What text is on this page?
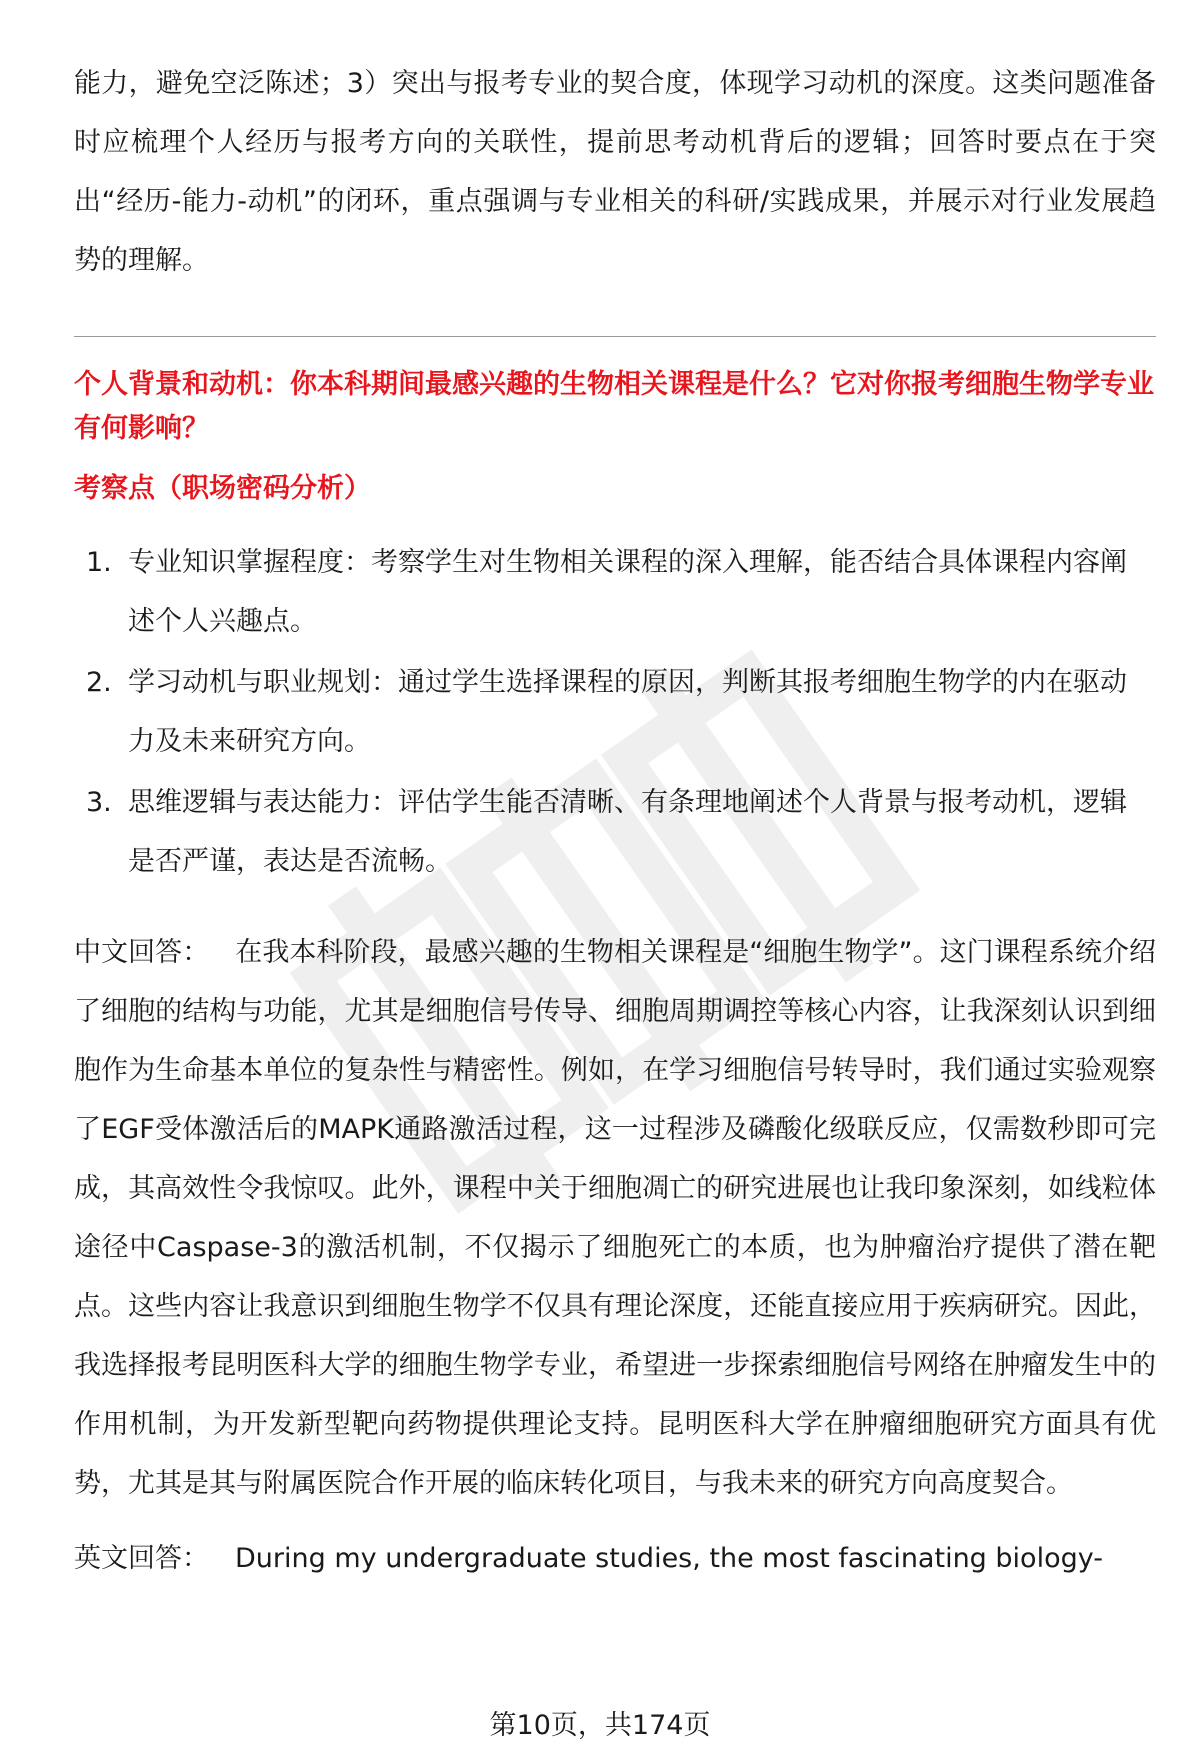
能力，避免空泛陈述；3）突出与报考专业的契合度，体现学习动机的深度。这类问题准备时应梳理个人经历与报考方向的关联性，提前思考动机背后的逻辑；回答时要点在于突出“经历-能力-动机”的闭环，重点强调与专业相关的科研/实践成果，并展示对行业发展趋势的理解。

个人背景和动机：你本科期间最感兴趣的生物相关课程是什么？它对你报考细胞生物学专业有何影响？

考察点（职场密码分析）

1. 专业知识掌握程度：考察学生对生物相关课程的深入理解，能否结合具体课程内容阐述个人兴趣点。
2. 学习动机与职业规划：通过学生选择课程的原因，判断其报考细胞生物学的内在驱动力及未来研究方向。
3. 思维逻辑与表达能力：评估学生能否清晰、有条理地阐述个人背景与报考动机，逻辑是否严谨，表达是否流畅。

中文回答： 在我本科阶段，最感兴趣的生物相关课程是“细胞生物学”。这门课程系统介绍了细胞的结构与功能，尤其是细胞信号传导、细胞周期调控等核心内容，让我深刻认识到细胞作为生命基本单位的复杂性与精密性。例如，在学习细胞信号转导时，我们通过实验观察了EGF受体激活后的MAPK通路激活过程，这一过程涉及磷酸化级联反应，仅需数秒即可完成，其高效性令我惊叹。此外，课程中关于细胞凋亡的研究进展也让我印象深刻，如线粒体途径中Caspase-3的激活机制，不仅揭示了细胞死亡的本质，也为肿瘤治疗提供了潜在靶点。这些内容让我意识到细胞生物学不仅具有理论深度，还能直接应用于疾病研究。因此，我选择报考昆明医科大学的细胞生物学专业，希望进一步探索细胞信号网络在肿瘤发生中的作用机制，为开发新型靶向药物提供理论支持。昆明医科大学在肿瘤细胞研究方面具有优势，尤其是其与附属医院合作开展的临床转化项目，与我未来的研究方向高度契合。

英文回答： During my undergraduate studies, the most fascinating biology-

第10页，共174页
